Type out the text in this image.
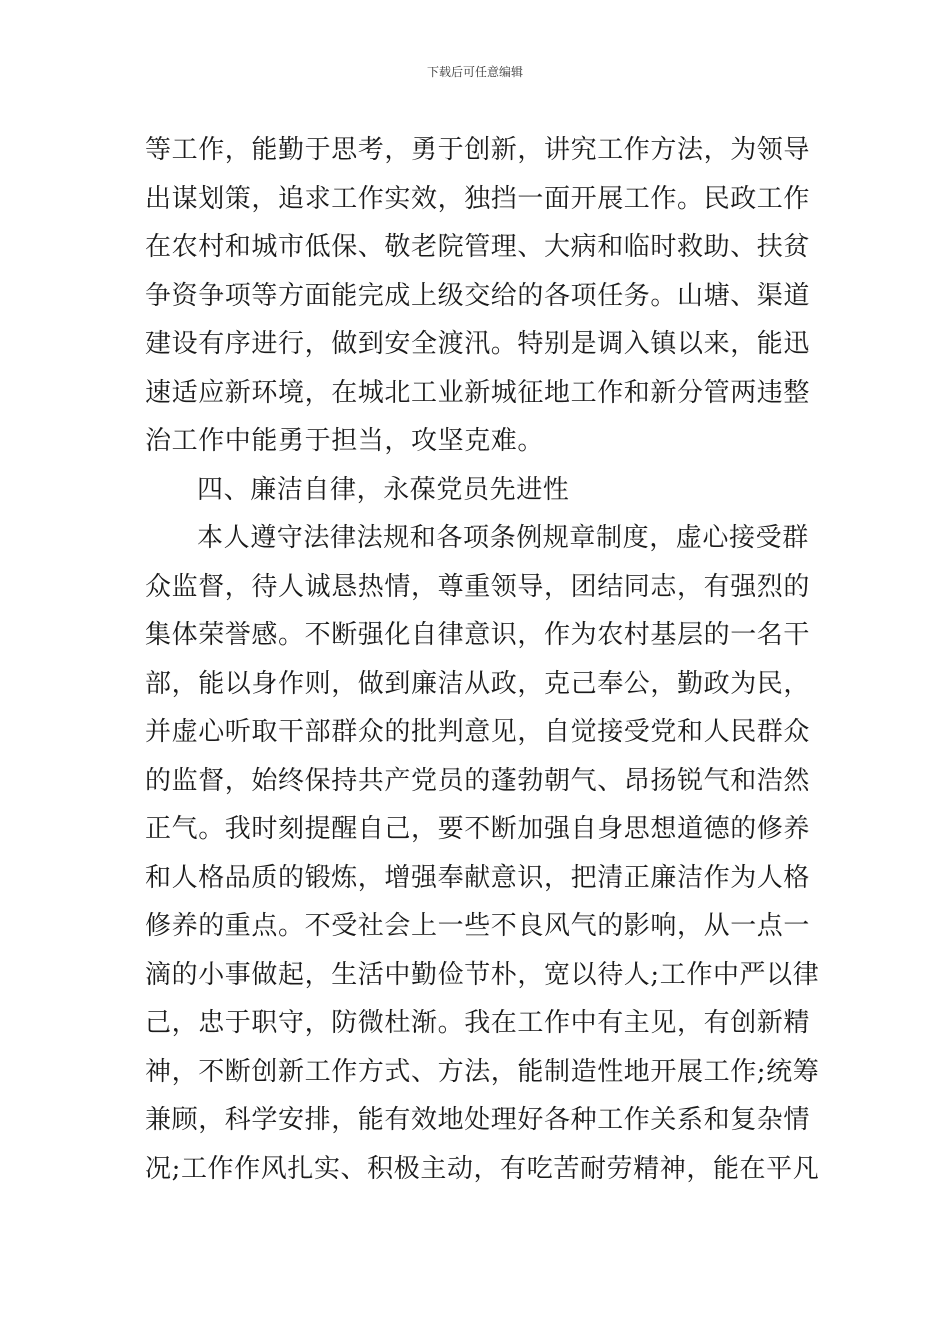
下载后可任意编辑
等工作，能勤于思考，勇于创新，讲究工作方法，为领导
出谋划策，追求工作实效，独挡一面开展工作。民政工作
在农村和城市低保、敬老院管理、大病和临时救助、扶贫
争资争项等方面能完成上级交给的各项任务。山塘、渠道
建设有序进行，做到安全渡汛。特别是调入镇以来，能迅
速适应新环境，在城北工业新城征地工作和新分管两违整
治工作中能勇于担当，攻坚克难。
四、廉洁自律，永葆党员先进性
本人遵守法律法规和各项条例规章制度，虚心接受群
众监督，待人诚恳热情，尊重领导，团结同志，有强烈的
集体荣誉感。不断强化自律意识，作为农村基层的一名干
部，能以身作则，做到廉洁从政，克己奉公，勤政为民，
并虚心听取干部群众的批判意见，自觉接受党和人民群众
的监督，始终保持共产党员的蓬勃朝气、昂扬锐气和浩然
正气。我时刻提醒自己，要不断加强自身思想道德的修养
和人格品质的锻炼，增强奉献意识，把清正廉洁作为人格
修养的重点。不受社会上一些不良风气的影响，从一点一
滴的小事做起，生活中勤俭节朴，宽以待人;工作中严以律
己，忠于职守，防微杜渐。我在工作中有主见，有创新精
神，不断创新工作方式、方法，能制造性地开展工作;统筹
兼顾，科学安排，能有效地处理好各种工作关系和复杂情
况;工作作风扎实、积极主动，有吃苦耐劳精神，能在平凡
